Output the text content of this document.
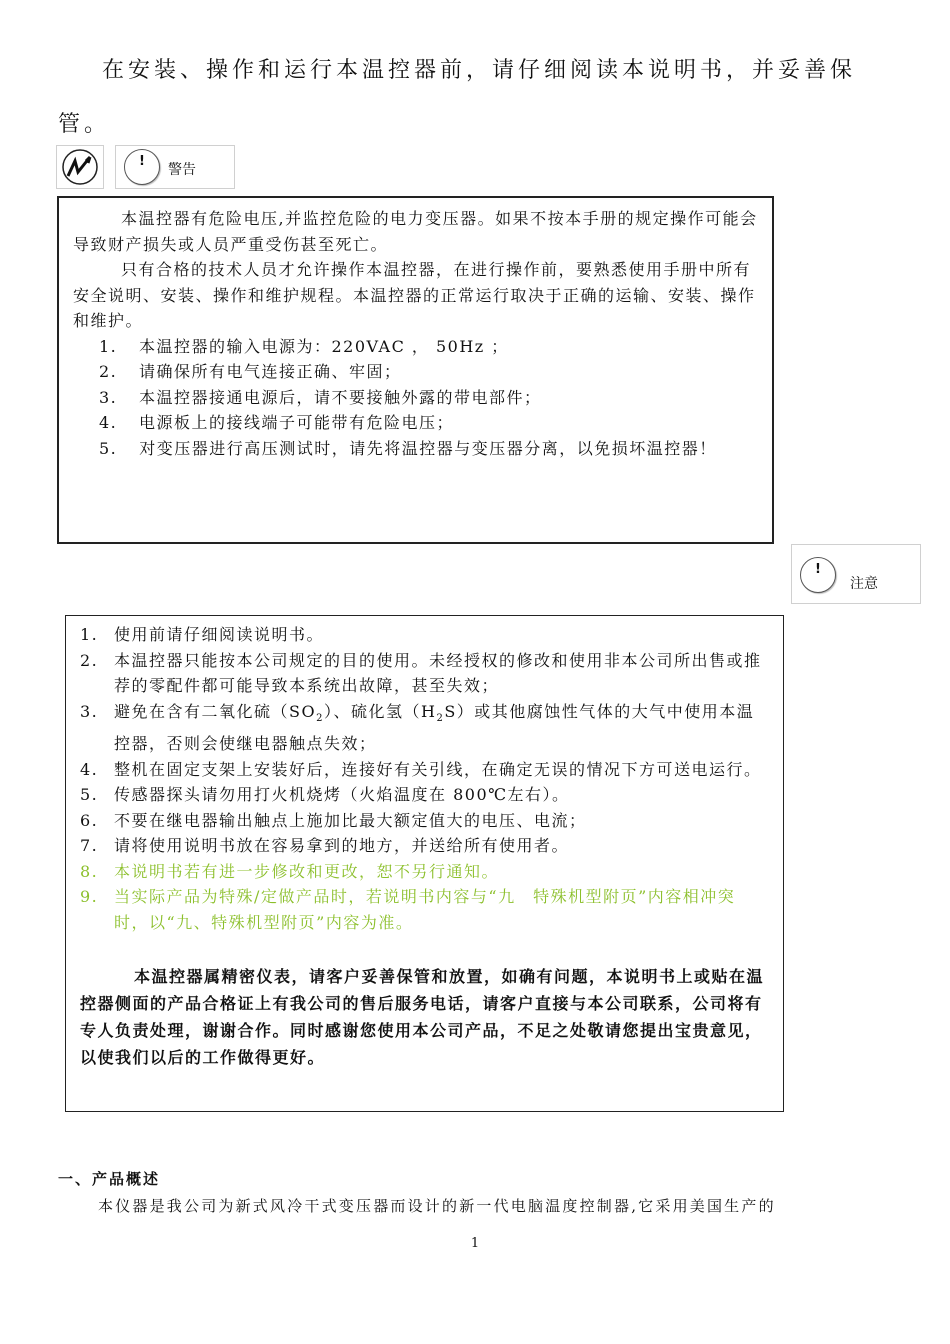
在安装、操作和运行本温控器前，请仔细阅读本说明书，并妥善保管。
!
警告

本温控器有危险电压,并监控危险的电力变压器。如果不按本手册的规定操作可能会导致财产损失或人员严重受伤甚至死亡。

只有合格的技术人员才允许操作本温控器，在进行操作前，要熟悉使用手册中所有安全说明、安装、操作和维护规程。本温控器的正常运行取决于正确的运输、安装、操作和维护。

1.	本温控器的输入电源为：220VAC ， 50Hz ；
2.	请确保所有电气连接正确、牢固；
3.	本温控器接通电源后，请不要接触外露的带电部件；
4.	电源板上的接线端子可能带有危险电压；

5. 对变压器进行高压测试时，请先将温控器与变压器分离，以免损坏温控器！

!
注意
1. 使用前请仔细阅读说明书。
2. 本温控器只能按本公司规定的目的使用。未经授权的修改和使用非本公司所出售或推荐的零配件都可能导致本系统出故障，甚至失效；
3. 避免在含有二氧化硫$(SO_2)$、硫化氢$(H_2S)$或其他腐蚀性气体的大气中使用本温控器，否则会使继电器触点失效；
4. 整机在固定支架上安装好后，连接好有关引线，在确定无误的情况下方可送电运行。
5. 传感器探头请勿用打火机烧烤（火焰温度在 800℃左右）。
6. 不要在继电器输出触点上施加比最大额定值大的电压、电流；
7. 请将使用说明书放在容易拿到的地方，并送给所有使用者。
8. 本说明书若有进一步修改和更改，恕不另行通知。
9. 当实际产品为特殊/定做产品时，若说明书内容与“九　特殊机型附页”内容相冲突时，以“九、特殊机型附页”内容为准。
本温控器属精密仪表，请客户妥善保管和放置，如确有问题，本说明书上或贴在温控器侧面的产品合格证上有我公司的售后服务电话，请客户直接与本公司联系，公司将有专人负责处理，谢谢合作。同时感谢您使用本公司产品，不足之处敬请您提出宝贵意见，以使我们以后的工作做得更好。
一、产品概述
本仪器是我公司为新式风冷干式变压器而设计的新一代电脑温度控制器,它采用美国生产的
1
